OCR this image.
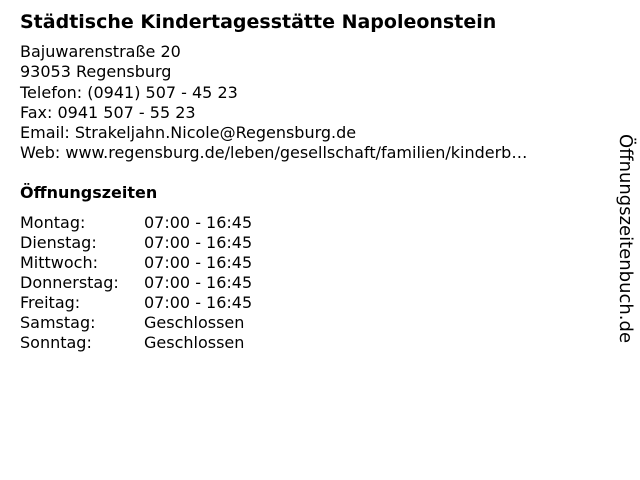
Städtische Kindertagesstätte Napoleonstein
Bajuwarenstraße 20
93053 Regensburg
Telefon: (0941) 507 - 45 23
Fax: 0941 507 - 55 23
Email: Strakeljahn.Nicole@Regensburg.de
Web: www.regensburg.de/leben/gesellschaft/familien/kinderb…
Öffnungszeiten
Montag:	07:00 - 16:45
Dienstag:	07:00 - 16:45
Mittwoch:	07:00 - 16:45
Donnerstag:	07:00 - 16:45
Freitag:	07:00 - 16:45
Samstag:	Geschlossen
Sonntag:	Geschlossen	Öffnungszeitenbuch.de
